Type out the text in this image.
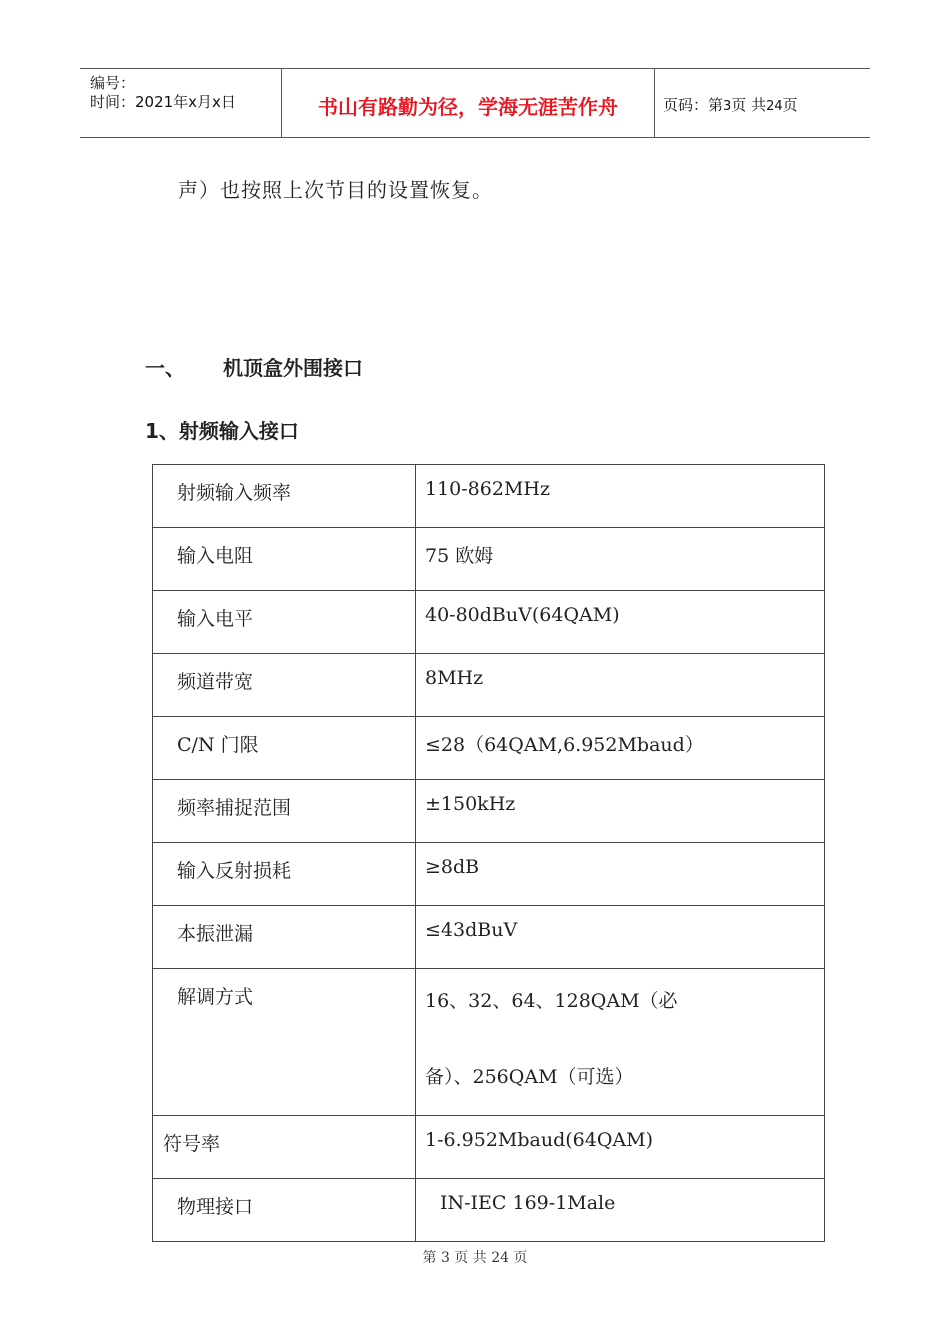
编号：
时间：2021年x月x日	书山有路勤为径，学海无涯苦作舟	页码：第3页 共24页
声）也按照上次节目的设置恢复。
一、 机顶盒外围接口
1、射频输入接口
射频输入频率	110-862MHz

输入电阻	75 欧姆

输入电平	40-80dBuV(64QAM)

频道带宽	8MHz

C/N 门限	≤28（64QAM,6.952Mbaud）

频率捕捉范围	±150kHz

输入反射损耗	≥8dB

本振泄漏	≤43dBuV

解调方式	16、32、64、128QAM（必备）、256QAM（可选）

符号率	1-6.952Mbaud(64QAM)

物理接口	IN-IEC 169-1Male
第 3 页 共 24 页
